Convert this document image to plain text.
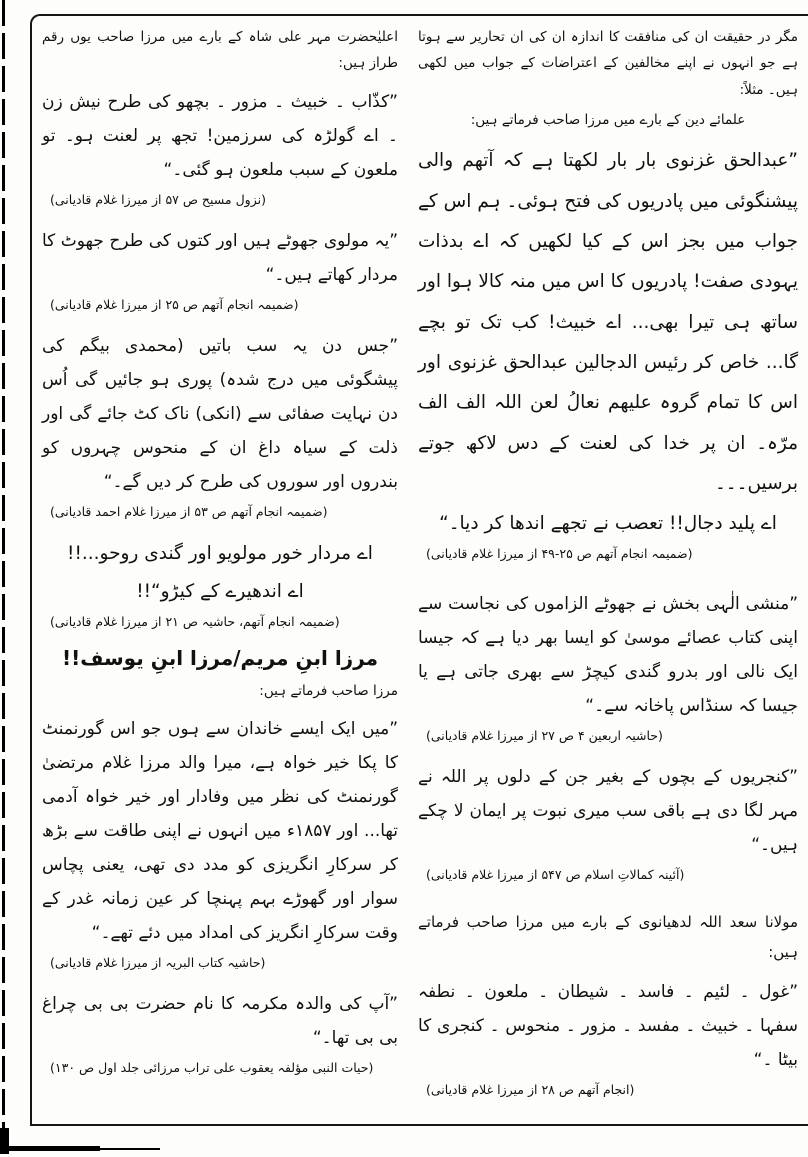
مگر در حقیقت ان کی منافقت کا اندازہ ان کی ان تحاریر سے ہوتا ہے جو انہوں نے اپنے مخالفین کے اعتراضات کے جواب میں لکھی ہیں۔ مثلاً:

علمائے دین کے بارے میں مرزا صاحب فرماتے ہیں:

”عبدالحق غزنوی بار بار لکھتا ہے کہ آتھم والی پیشنگوئی میں پادریوں کی فتح ہوئی۔ ہم اس کے جواب میں بجز اس کے کیا لکھیں کہ اے بدذات یہودی صفت! پادریوں کا اس میں منہ کالا ہوا اور ساتھ ہی تیرا بھی... اے خبیث! کب تک تو بچے گا... خاص کر رئیس الدجالین عبدالحق غزنوی اور اس کا تمام گروہ علیھم نعالُ لعن اللہ الف الف مرّہ۔ ان پر خدا کی لعنت کے دس لاکھ جوتے برسیں۔۔۔

اے پلید دجال!! تعصب نے تجھے اندھا کر دیا۔“

(ضمیمہ انجام آتھم ص ۲۵-۴۹ از میرزا غلام قادیانی)

”منشی الٰہی بخش نے جھوٹے الزاموں کی نجاست سے اپنی کتاب عصائے موسیٰ کو ایسا بھر دیا ہے کہ جیسا ایک نالی اور بدرو گندی کیچڑ سے بھری جاتی ہے یا جیسا کہ سنڈاس پاخانہ سے۔“

(حاشیہ اربعین ۴ ص ۲۷ از میرزا غلام قادیانی)

”کنجریوں کے بچوں کے بغیر جن کے دلوں پر اللہ نے مہر لگا دی ہے باقی سب میری نبوت پر ایمان لا چکے ہیں۔“

(آئینہ کمالاتِ اسلام ص ۵۴۷ از میرزا غلام قادیانی)

مولانا سعد اللہ لدھیانوی کے بارے میں مرزا صاحب فرماتے ہیں:

”غول ۔ لئیم ۔ فاسد ۔ شیطان ۔ ملعون ۔ نطفہ سفہا ۔ خبیث ۔ مفسد ۔ مزور ۔ منحوس ۔ کنجری کا بیٹا ۔“

(انجام آتھم ص ۲۸ از میرزا غلام قادیانی)

اعلیٰحضرت مہر علی شاہ کے بارے میں مرزا صاحب یوں رقم طراز ہیں:

”کذّاب ۔ خبیث ۔ مزور ۔ بچھو کی طرح نیش زن ۔ اے گولڑہ کی سرزمین! تجھ پر لعنت ہو۔ تو ملعون کے سبب ملعون ہو گئی۔“

(نزول مسیح ص ۵۷ از میرزا غلام قادیانی)

”یہ مولوی جھوٹے ہیں اور کتوں کی طرح جھوٹ کا مردار کھاتے ہیں۔“

(ضمیمہ انجام آتھم ص ۲۵ از میرزا غلام قادیانی)

”جس دن یہ سب باتیں (محمدی بیگم کی پیشگوئی میں درج شدہ) پوری ہو جائیں گی اُس دن نہایت صفائی سے (انکی) ناک کٹ جائے گی اور ذلت کے سیاہ داغ ان کے منحوس چہروں کو بندروں اور سوروں کی طرح کر دیں گے۔“

(ضمیمہ انجام آتھم ص ۵۳ از میرزا غلام احمد قادیانی)

اے مردار خور مولویو اور گندی روحو...!!

اے اندھیرے کے کیڑو“!!

(ضمیمہ انجام آتھم، حاشیہ ص ۲۱ از میرزا غلام قادیانی)

مرزا ابنِ مریم/مرزا ابنِ یوسف!!

مرزا صاحب فرماتے ہیں:

”میں ایک ایسے خاندان سے ہوں جو اس گورنمنٹ کا پکا خیر خواہ ہے، میرا والد مرزا غلام مرتضیٰ گورنمنٹ کی نظر میں وفادار اور خیر خواہ آدمی تھا... اور ۱۸۵۷ء میں انہوں نے اپنی طاقت سے بڑھ کر سرکارِ انگریزی کو مدد دی تھی، یعنی پچاس سوار اور گھوڑے بہم پہنچا کر عین زمانہ غدر کے وقت سرکارِ انگریز کی امداد میں دئے تھے۔“

(حاشیہ کتاب البریہ از میرزا غلام قادیانی)

”آپ کی والدہ مکرمہ کا نام حضرت بی بی چراغ بی بی تھا۔“

(حیات النبی مؤلفہ یعقوب علی تراب مرزائی جلد اول ص ۱۳۰)
